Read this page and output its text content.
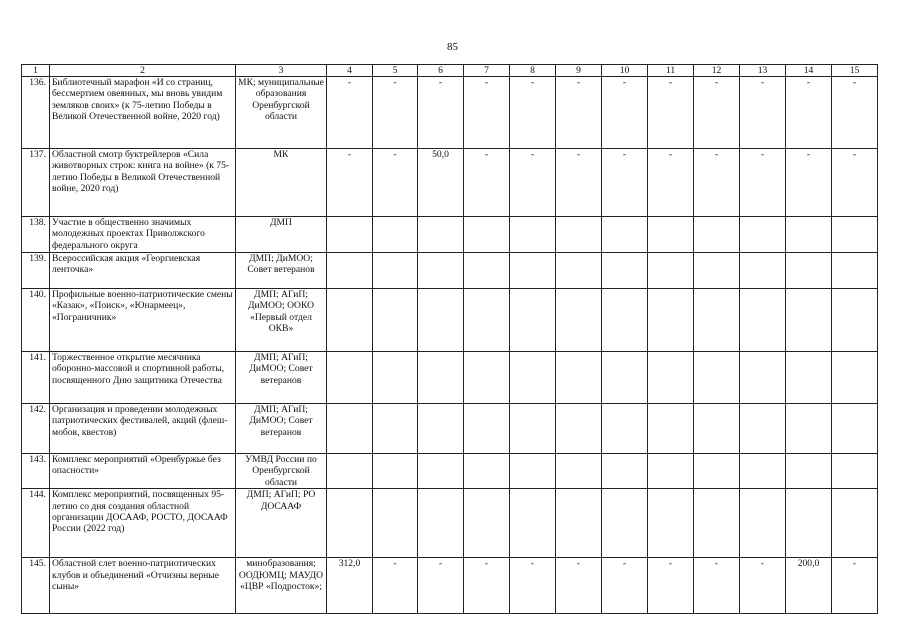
85
1	2	3	4	5	6	7	8	9	10	11	12	13	14	15
136.	Библиотечный марафон «И со страниц, бессмертием овеянных, мы вновь увидим земляков своих» (к 75-летию Победы в Великой Отечественной войне, 2020 год)	МК; муниципальные образования Оренбургской области	-	-	-	-	-	-	-	-	-	-	-	-
137.	Областной смотр буктрейлеров «Сила животворных строк: книга на войне» (к 75-летию Победы в Великой Отечественной войне, 2020 год)	МК	-	-	50,0	-	-	-	-	-	-	-	-	-
138.	Участие в общественно значимых молодежных проектах Приволжского федерального округа	ДМП												
139.	Всероссийская акция «Георгиевская ленточка»	ДМП; ДиМОО; Совет ветеранов												
140.	Профильные военно-патриотические смены «Казак», «Поиск», «Юнармеец», «Пограничник»	ДМП; АГиП; ДиМОО; ООКО «Первый отдел ОКВ»												
141.	Торжественное открытие месячника оборонно-массовой и спортивной работы, посвященного Дню защитника Отечества	ДМП; АГиП; ДиМОО; Совет ветеранов												
142.	Организация и проведении молодежных патриотических фестивалей, акций (флеш-мобов, квестов)	ДМП; АГиП; ДиМОО; Совет ветеранов												
143.	Комплекс мероприятий «Оренбуржье без опасности»	УМВД России по Оренбургской области												
144.	Комплекс мероприятий, посвященных 95-летию со дня создания областной организации ДОСААФ, РОСТО, ДОСААФ России (2022 год)	ДМП; АГиП; РО ДОСААФ												
145.	Областной слет военно-патриотических клубов и объединений «Отчизны верные сыны»	минобразования; ООДЮМЦ; МАУДО «ЦВР «Подросток»;	312,0	-	-	-	-	-	-	-	-	-	200,0	-
